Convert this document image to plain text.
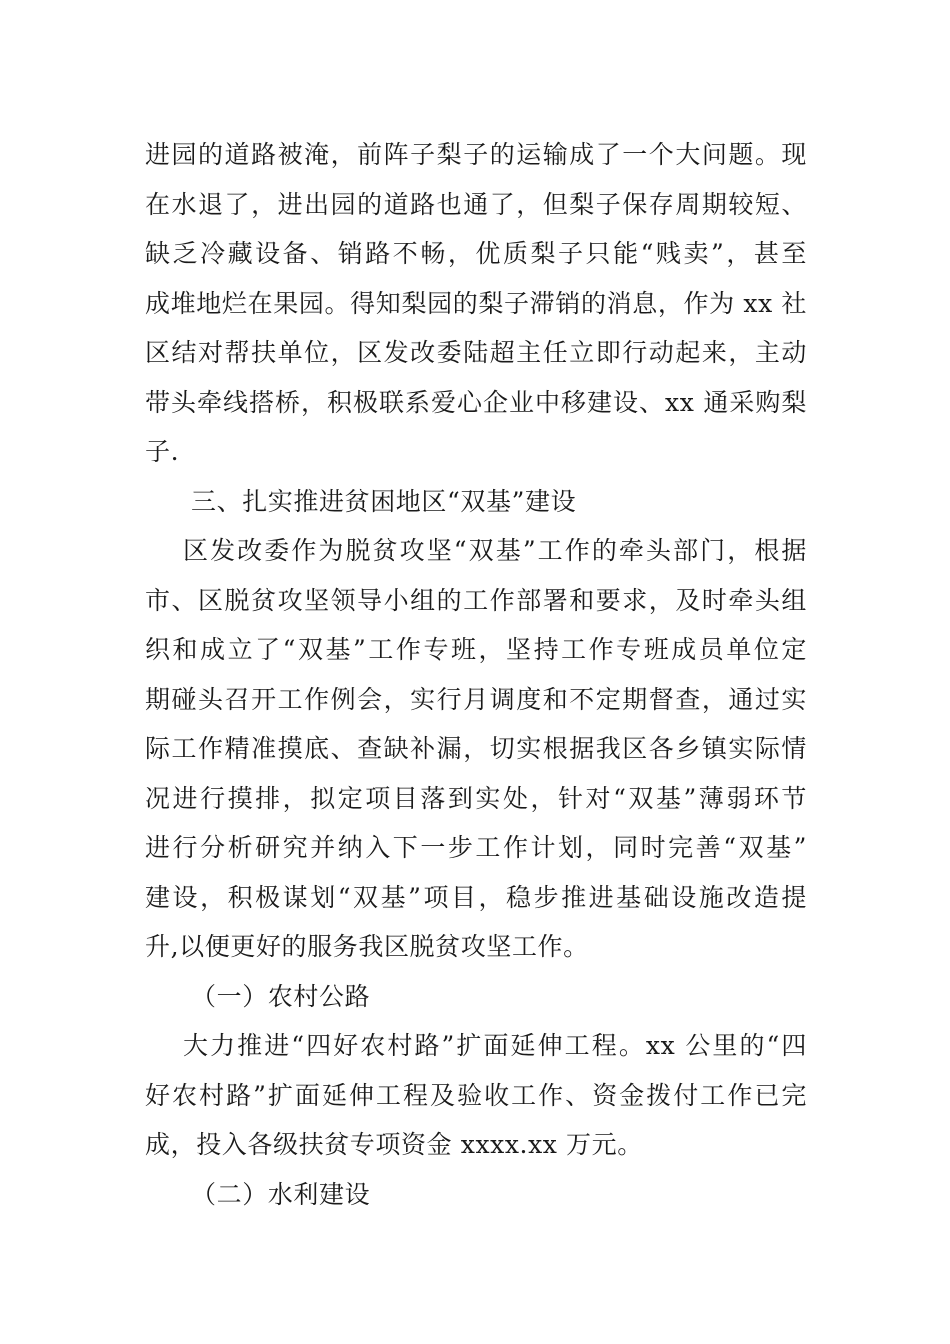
进园的道路被淹，前阵子梨子的运输成了一个大问题。现
在水退了，进出园的道路也通了，但梨子保存周期较短、
缺乏冷藏设备、销路不畅，优质梨子只能“贱卖”，甚至
成堆地烂在果园。得知梨园的梨子滞销的消息，作为 xx 社
区结对帮扶单位，区发改委陆超主任立即行动起来，主动
带头牵线搭桥，积极联系爱心企业中移建设、xx 通采购梨
子.
三、扎实推进贫困地区“双基”建设
区发改委作为脱贫攻坚“双基”工作的牵头部门，根据
市、区脱贫攻坚领导小组的工作部署和要求，及时牵头组
织和成立了“双基”工作专班，坚持工作专班成员单位定
期碰头召开工作例会，实行月调度和不定期督查，通过实
际工作精准摸底、查缺补漏，切实根据我区各乡镇实际情
况进行摸排，拟定项目落到实处，针对“双基”薄弱环节
进行分析研究并纳入下一步工作计划，同时完善“双基”
建设，积极谋划“双基”项目，稳步推进基础设施改造提
升,以便更好的服务我区脱贫攻坚工作。
（一）农村公路
大力推进“四好农村路”扩面延伸工程。xx 公里的“四
好农村路”扩面延伸工程及验收工作、资金拨付工作已完
成，投入各级扶贫专项资金 xxxx.xx 万元。
（二）水利建设
